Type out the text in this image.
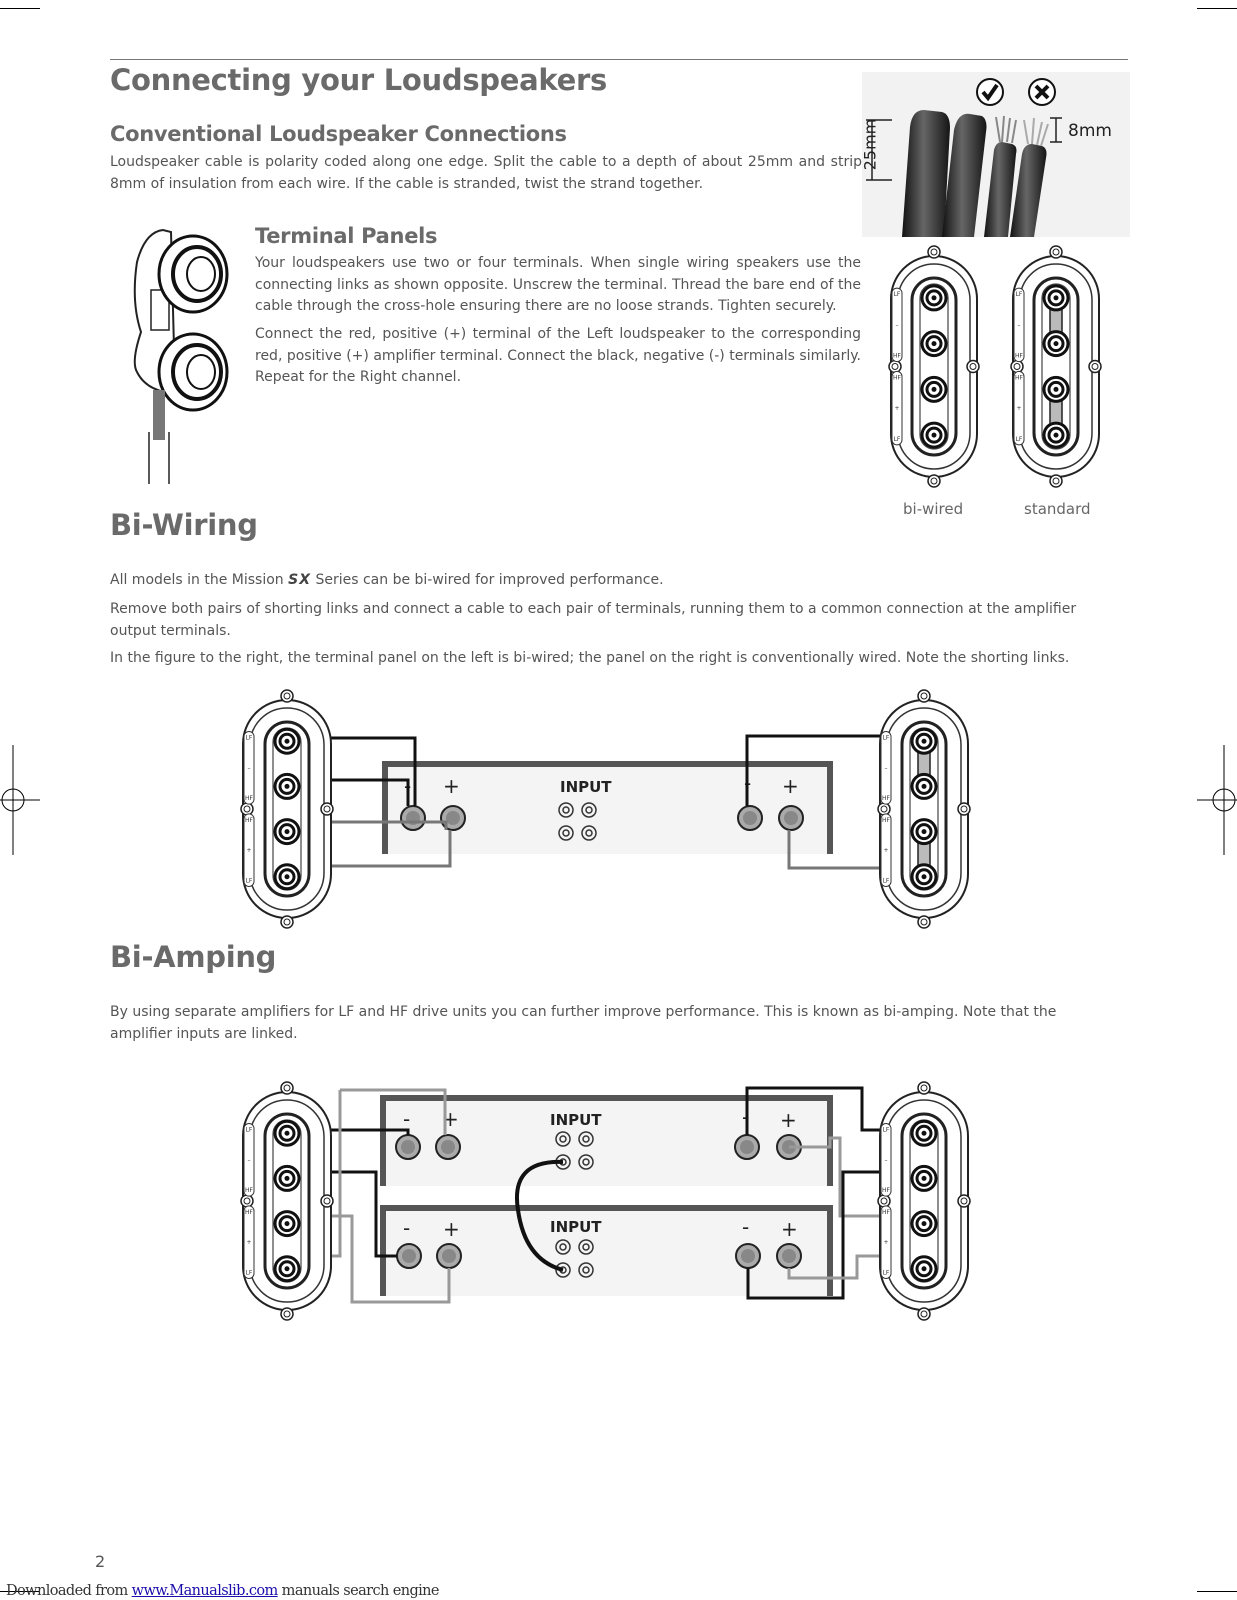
Connecting your Loudspeakers
Conventional Loudspeaker Connections

Loudspeaker cable is polarity coded along one edge. Split the cable to a depth of about 25mm and strip 8mm of insulation from each wire. If the cable is stranded, twist the strand together.

25mm	8mm
Terminal Panels

Your loudspeakers use two or four terminals. When single wiring speakers use the connecting links as shown opposite. Unscrew the terminal. Thread the bare end of the cable through the cross-hole ensuring there are no loose strands. Tighten securely.

Connect the red, positive (+) terminal of the Left loudspeaker to the corresponding red, positive (+) amplifier terminal. Connect the black, negative (-) terminals similarly. Repeat for the Right channel.

LF
–
HF
HF
+
LF
LF
–
HF
HF
+
LF
bi-wired	standard
Bi-Wiring

All models in the Mission SX Series can be bi-wired for improved performance.

Remove both pairs of shorting links and connect a cable to each pair of terminals, running them to a common connection at the amplifier output terminals.

In the figure to the right, the terminal panel on the left is bi-wired; the panel on the right is conventionally wired. Note the shorting links.

- +	INPUT	- +
LF
–
HF
HF
+
LF
LF
–
HF
HF
+
LF
Bi-Amping

By using separate amplifiers for LF and HF drive units you can further improve performance. This is known as bi-amping. Note that the amplifier inputs are linked.

- +	INPUT	- +
- +	INPUT	- +
LF
–
HF
HF
+
LF
LF
–
HF
HF
+
LF
2
Downloaded from www.Manualslib.com manuals search engine
